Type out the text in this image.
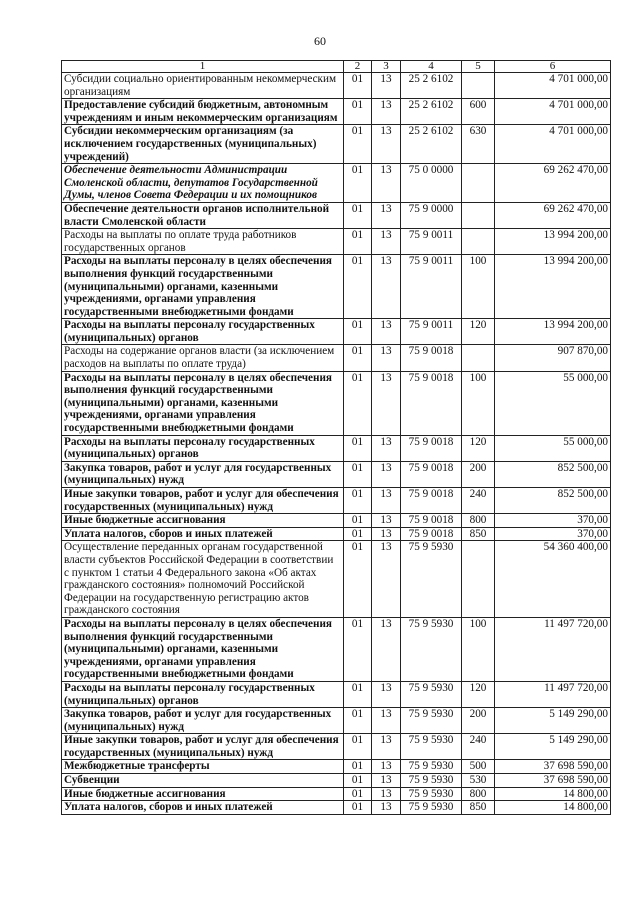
60
1	2	3	4	5	6
Субсидии социально ориентированным некоммерческим организациям	01	13	25 2 6102		4 701 000,00
Предоставление субсидий бюджетным, автономным учреждениям и иным некоммерческим организациям	01	13	25 2 6102	600	4 701 000,00
Субсидии некоммерческим организациям (за исключением государственных (муниципальных) учреждений)	01	13	25 2 6102	630	4 701 000,00
Обеспечение деятельности Администрации Смоленской области, депутатов Государственной Думы, членов Совета Федерации и их помощников	01	13	75 0 0000		69 262 470,00
Обеспечение деятельности органов исполнительной власти Смоленской области	01	13	75 9 0000		69 262 470,00
Расходы на выплаты по оплате труда работников государственных органов	01	13	75 9 0011		13 994 200,00
Расходы на выплаты персоналу в целях обеспечения выполнения функций государственными (муниципальными) органами, казенными учреждениями, органами управления государственными внебюджетными фондами	01	13	75 9 0011	100	13 994 200,00
Расходы на выплаты персоналу государственных (муниципальных) органов	01	13	75 9 0011	120	13 994 200,00
Расходы на содержание органов власти (за исключением расходов на выплаты по оплате труда)	01	13	75 9 0018		907 870,00
Расходы на выплаты персоналу в целях обеспечения выполнения функций государственными (муниципальными) органами, казенными учреждениями, органами управления государственными внебюджетными фондами	01	13	75 9 0018	100	55 000,00
Расходы на выплаты персоналу государственных (муниципальных) органов	01	13	75 9 0018	120	55 000,00
Закупка товаров, работ и услуг для государственных (муниципальных) нужд	01	13	75 9 0018	200	852 500,00
Иные закупки товаров, работ и услуг для обеспечения государственных (муниципальных) нужд	01	13	75 9 0018	240	852 500,00
Иные бюджетные ассигнования	01	13	75 9 0018	800	370,00
Уплата налогов, сборов и иных платежей	01	13	75 9 0018	850	370,00
Осуществление переданных органам государственной власти субъектов Российской Федерации в соответствии с пунктом 1 статьи 4 Федерального закона «Об актах гражданского состояния» полномочий Российской Федерации на государственную регистрацию актов гражданского состояния	01	13	75 9 5930		54 360 400,00
Расходы на выплаты персоналу в целях обеспечения выполнения функций государственными (муниципальными) органами, казенными учреждениями, органами управления государственными внебюджетными фондами	01	13	75 9 5930	100	11 497 720,00
Расходы на выплаты персоналу государственных (муниципальных) органов	01	13	75 9 5930	120	11 497 720,00
Закупка товаров, работ и услуг для государственных (муниципальных) нужд	01	13	75 9 5930	200	5 149 290,00
Иные закупки товаров, работ и услуг для обеспечения государственных (муниципальных) нужд	01	13	75 9 5930	240	5 149 290,00
Межбюджетные трансферты	01	13	75 9 5930	500	37 698 590,00
Субвенции	01	13	75 9 5930	530	37 698 590,00
Иные бюджетные ассигнования	01	13	75 9 5930	800	14 800,00
Уплата налогов, сборов и иных платежей	01	13	75 9 5930	850	14 800,00
